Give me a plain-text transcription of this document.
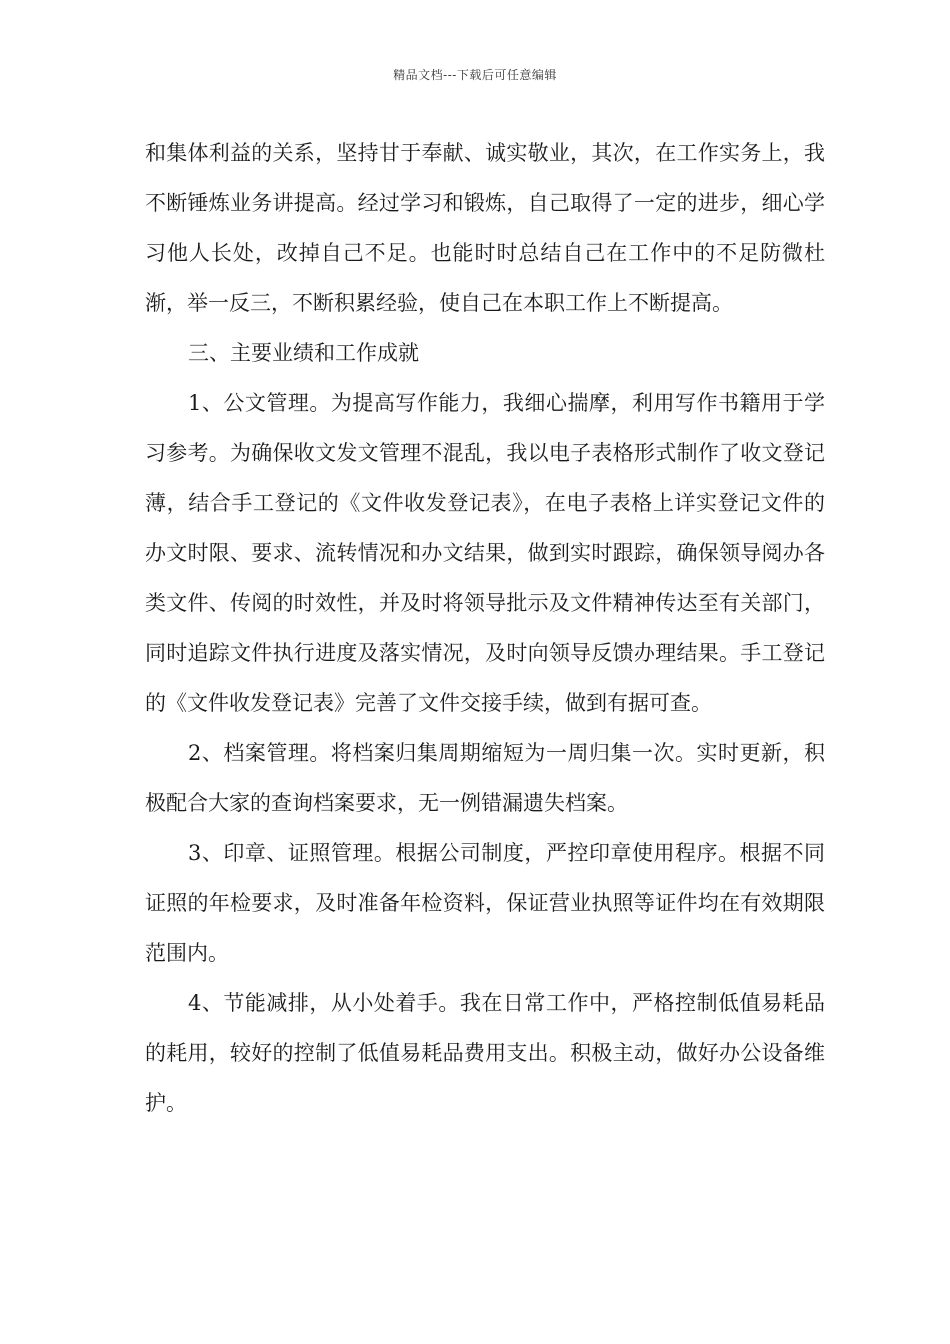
精品文档---下载后可任意编辑

和集体利益的关系，坚持甘于奉献、诚实敬业，其次，在工作实务上，我不断锤炼业务讲提高。经过学习和锻炼，自己取得了一定的进步，细心学习他人长处，改掉自己不足。也能时时总结自己在工作中的不足防微杜渐，举一反三，不断积累经验，使自己在本职工作上不断提高。

三、主要业绩和工作成就

1、公文管理。为提高写作能力，我细心揣摩，利用写作书籍用于学习参考。为确保收文发文管理不混乱，我以电子表格形式制作了收文登记薄，结合手工登记的《文件收发登记表》，在电子表格上详实登记文件的办文时限、要求、流转情况和办文结果，做到实时跟踪，确保领导阅办各类文件、传阅的时效性，并及时将领导批示及文件精神传达至有关部门，同时追踪文件执行进度及落实情况，及时向领导反馈办理结果。手工登记的《文件收发登记表》完善了文件交接手续，做到有据可查。

2、档案管理。将档案归集周期缩短为一周归集一次。实时更新，积极配合大家的查询档案要求，无一例错漏遗失档案。

3、印章、证照管理。根据公司制度，严控印章使用程序。根据不同证照的年检要求，及时准备年检资料，保证营业执照等证件均在有效期限范围内。

4、节能减排，从小处着手。我在日常工作中，严格控制低值易耗品的耗用，较好的控制了低值易耗品费用支出。积极主动，做好办公设备维护。
